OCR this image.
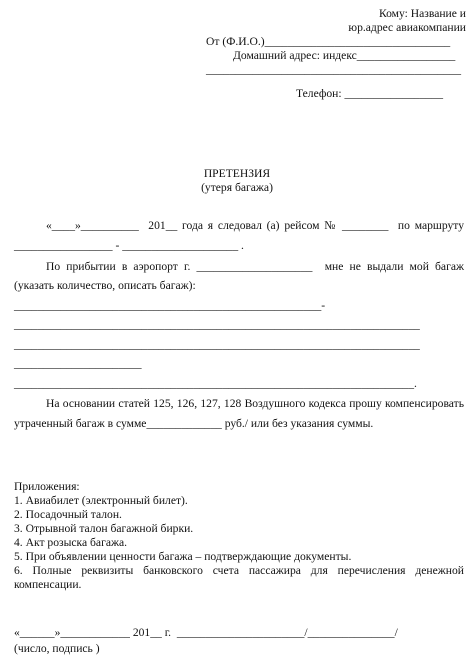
Кому: Название и
юр.адрес авиакомпании
От (Ф.И.О.)________________________________
Домашний адрес: индекс_________________
____________________________________________
Телефон: _________________
ПРЕТЕНЗИЯ
(утеря багажа)
«____»__________  201__ года я следовал (а) рейсом № ________  по маршруту
_________________ - ____________________ .
По прибытии в аэропорт г. ____________________  мне не выдали мой багаж
(указать количество, описать багаж):
_____________________________________________________-
______________________________________________________________________
______________________________________________________________________
______________________
_____________________________________________________________________.
На основании статей 125, 126, 127, 128 Воздушного кодекса прошу компенсировать
утраченный багаж в сумме_____________ руб./ или без указания суммы.
Приложения:
1. Авиабилет (электронный билет).
2. Посадочный талон.
3. Отрывной талон багажной бирки.
4. Акт розыска багажа.
5. При объявлении ценности багажа – подтверждающие документы.
6. Полные реквизиты банковского счета пассажира для перечисления денежной
компенсации.
«______»____________ 201__ г.  ______________________/_______________/
(число, подпись )
